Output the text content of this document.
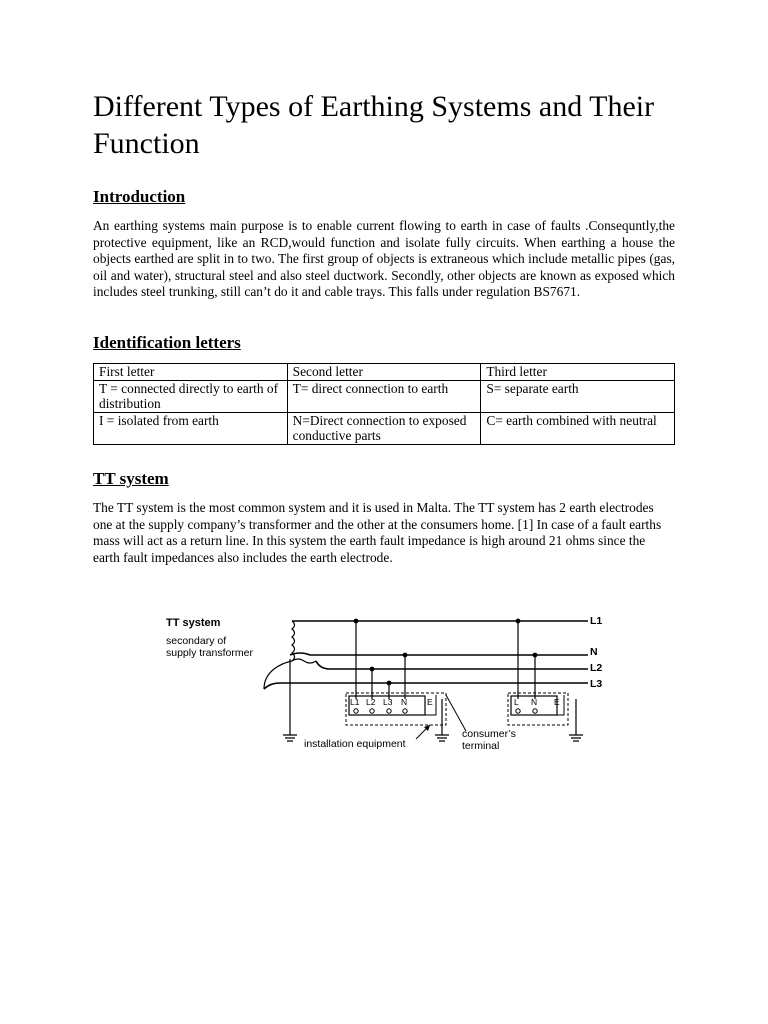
Different Types of Earthing Systems and Their Function
Introduction

An earthing systems main purpose is to enable current flowing to earth in case of faults .Consequntly,the protective equipment, like an RCD,would function and isolate fully circuits. When earthing a house the objects earthed are split in to two. The first group of objects is extraneous which include metallic pipes (gas, oil and water), structural steel and also steel ductwork. Secondly, other objects are known as exposed which includes steel trunking, still can’t do it and cable trays. This falls under regulation BS7671.

Identification letters
First letter	Second letter	Third letter
T = connected directly to earth of distribution	T= direct connection to earth	S= separate earth
I = isolated from earth	N=Direct connection to exposed conductive parts	C= earth combined with neutral
TT system

The TT system is the most common system and it is used in Malta. The TT system has 2 earth electrodes one at the supply company’s transformer and the other at the consumers home. [1] In case of a fault earths mass will act as a return line. In this system the earth fault impedance is high around 21 ohms since the earth fault impedances also includes the earth electrode.

TT system
secondary of
supply transformer
L1
N
L2
L3
L1 L2 L3 N E	L N E
installation equipment
consumer’s
terminal
